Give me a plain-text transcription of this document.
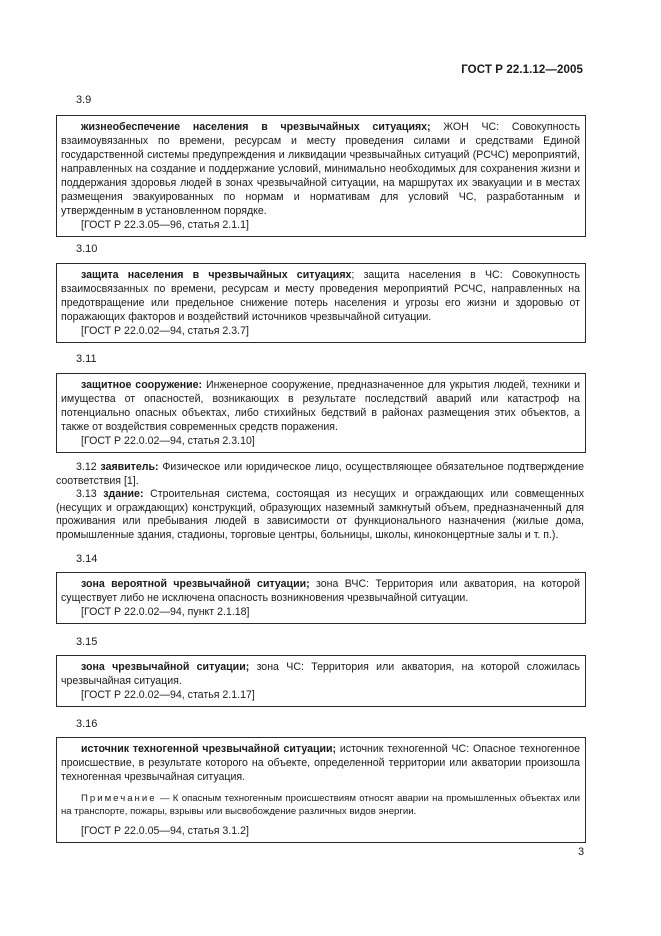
ГОСТ Р 22.1.12—2005
3.9

жизнеобеспечение населения в чрезвычайных ситуациях; ЖОН ЧС: Совокупность взаимоувязанных по времени, ресурсам и месту проведения силами и средствами Единой государственной системы предупреждения и ликвидации чрезвычайных ситуаций (РСЧС) мероприятий, направленных на создание и поддержание условий, минимально необходимых для сохранения жизни и поддержания здоровья людей в зонах чрезвычайной ситуации, на маршрутах их эвакуации и в местах размещения эвакуированных по нормам и нормативам для условий ЧС, разработанным и утвержденным в установленном порядке.

[ГОСТ Р 22.3.05—96, статья 2.1.1]
3.10

защита населения в чрезвычайных ситуациях; защита населения в ЧС: Совокупность взаимосвязанных по времени, ресурсам и месту проведения мероприятий РСЧС, направленных на предотвращение или предельное снижение потерь населения и угрозы его жизни и здоровью от поражающих факторов и воздействий источников чрезвычайной ситуации.

[ГОСТ Р 22.0.02—94, статья 2.3.7]
3.11

защитное сооружение: Инженерное сооружение, предназначенное для укрытия людей, техники и имущества от опасностей, возникающих в результате последствий аварий или катастроф на потенциально опасных объектах, либо стихийных бедствий в районах размещения этих объектов, а также от воздействия современных средств поражения.

[ГОСТ Р 22.0.02—94, статья 2.3.10]

3.12 заявитель: Физическое или юридическое лицо, осуществляющее обязательное подтверждение соответствия [1].

3.13 здание: Строительная система, состоящая из несущих и ограждающих или совмещенных (несущих и ограждающих) конструкций, образующих наземный замкнутый объем, предназначенный для проживания или пребывания людей в зависимости от функционального назначения (жилые дома, промышленные здания, стадионы, торговые центры, больницы, школы, киноконцертные залы и т. п.).

3.14

зона вероятной чрезвычайной ситуации; зона ВЧС: Территория или акватория, на которой существует либо не исключена опасность возникновения чрезвычайной ситуации.

[ГОСТ Р 22.0.02—94, пункт 2.1.18]
3.15

зона чрезвычайной ситуации; зона ЧС: Территория или акватория, на которой сложилась чрезвычайная ситуация.

[ГОСТ Р 22.0.02—94, статья 2.1.17]
3.16

источник техногенной чрезвычайной ситуации; источник техногенной ЧС: Опасное техногенное происшествие, в результате которого на объекте, определенной территории или акватории произошла техногенная чрезвычайная ситуация.

Примечание — К опасным техногенным происшествиям относят аварии на промышленных объектах или на транспорте, пожары, взрывы или высвобождение различных видов энергии.
[ГОСТ Р 22.0.05—94, статья 3.1.2]
3
